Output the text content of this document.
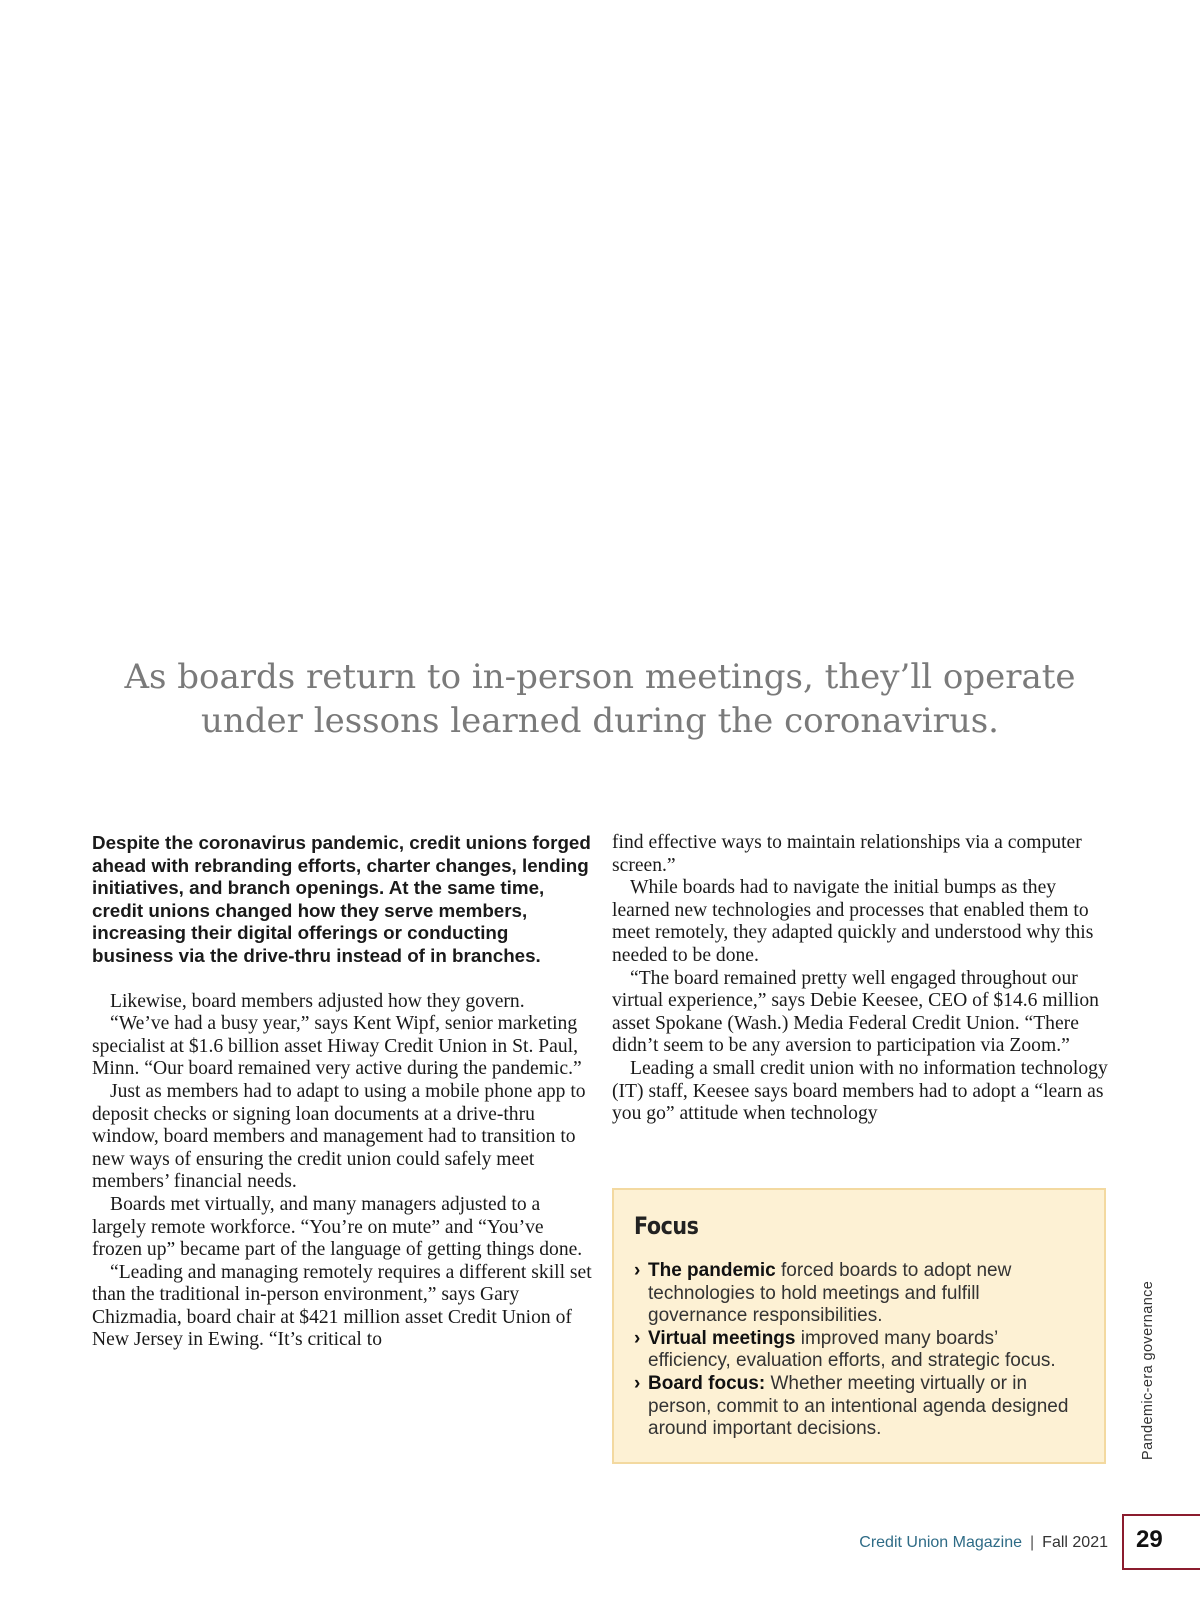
As boards return to in-person meetings, they’ll operate
under lessons learned during the coronavirus.
Despite the coronavirus pandemic, credit unions forged ahead with rebranding efforts, charter changes, lending initiatives, and branch openings. At the same time, credit unions changed how they serve members, increasing their digital offerings or conducting business via the drive-thru instead of in branches.

Likewise, board members adjusted how they govern.

“We’ve had a busy year,” says Kent Wipf, senior marketing specialist at $1.6 billion asset Hiway Credit Union in St. Paul, Minn. “Our board remained very active during the pandemic.”

Just as members had to adapt to using a mobile phone app to deposit checks or signing loan documents at a drive-thru window, board members and management had to transition to new ways of ensuring the credit union could safely meet members’ financial needs.

Boards met virtually, and many managers adjusted to a largely remote workforce. “You’re on mute” and “You’ve frozen up” became part of the language of getting things done.

“Leading and managing remotely requires a different skill set than the traditional in-person environment,” says Gary Chizmadia, board chair at $421 million asset Credit Union of New Jersey in Ewing. “It’s critical to

find effective ways to maintain relationships via a computer screen.”

While boards had to navigate the initial bumps as they learned new technologies and processes that enabled them to meet remotely, they adapted quickly and understood why this needed to be done.

“The board remained pretty well engaged throughout our virtual experience,” says Debie Keesee, CEO of $14.6 million asset Spokane (Wash.) Media Federal Credit Union. “There didn’t seem to be any aversion to participation via Zoom.”

Leading a small credit union with no information technology (IT) staff, Keesee says board members had to adopt a “learn as you go” attitude when technology

Focus
› The pandemic forced boards to adopt new technologies to hold meetings and fulfill governance responsibilities.
› Virtual meetings improved many boards’ efficiency, evaluation efforts, and strategic focus.
› Board focus: Whether meeting virtually or in person, commit to an intentional agenda designed around important decisions.	Pandemic-era governance
Credit Union Magazine | Fall 2021 29
